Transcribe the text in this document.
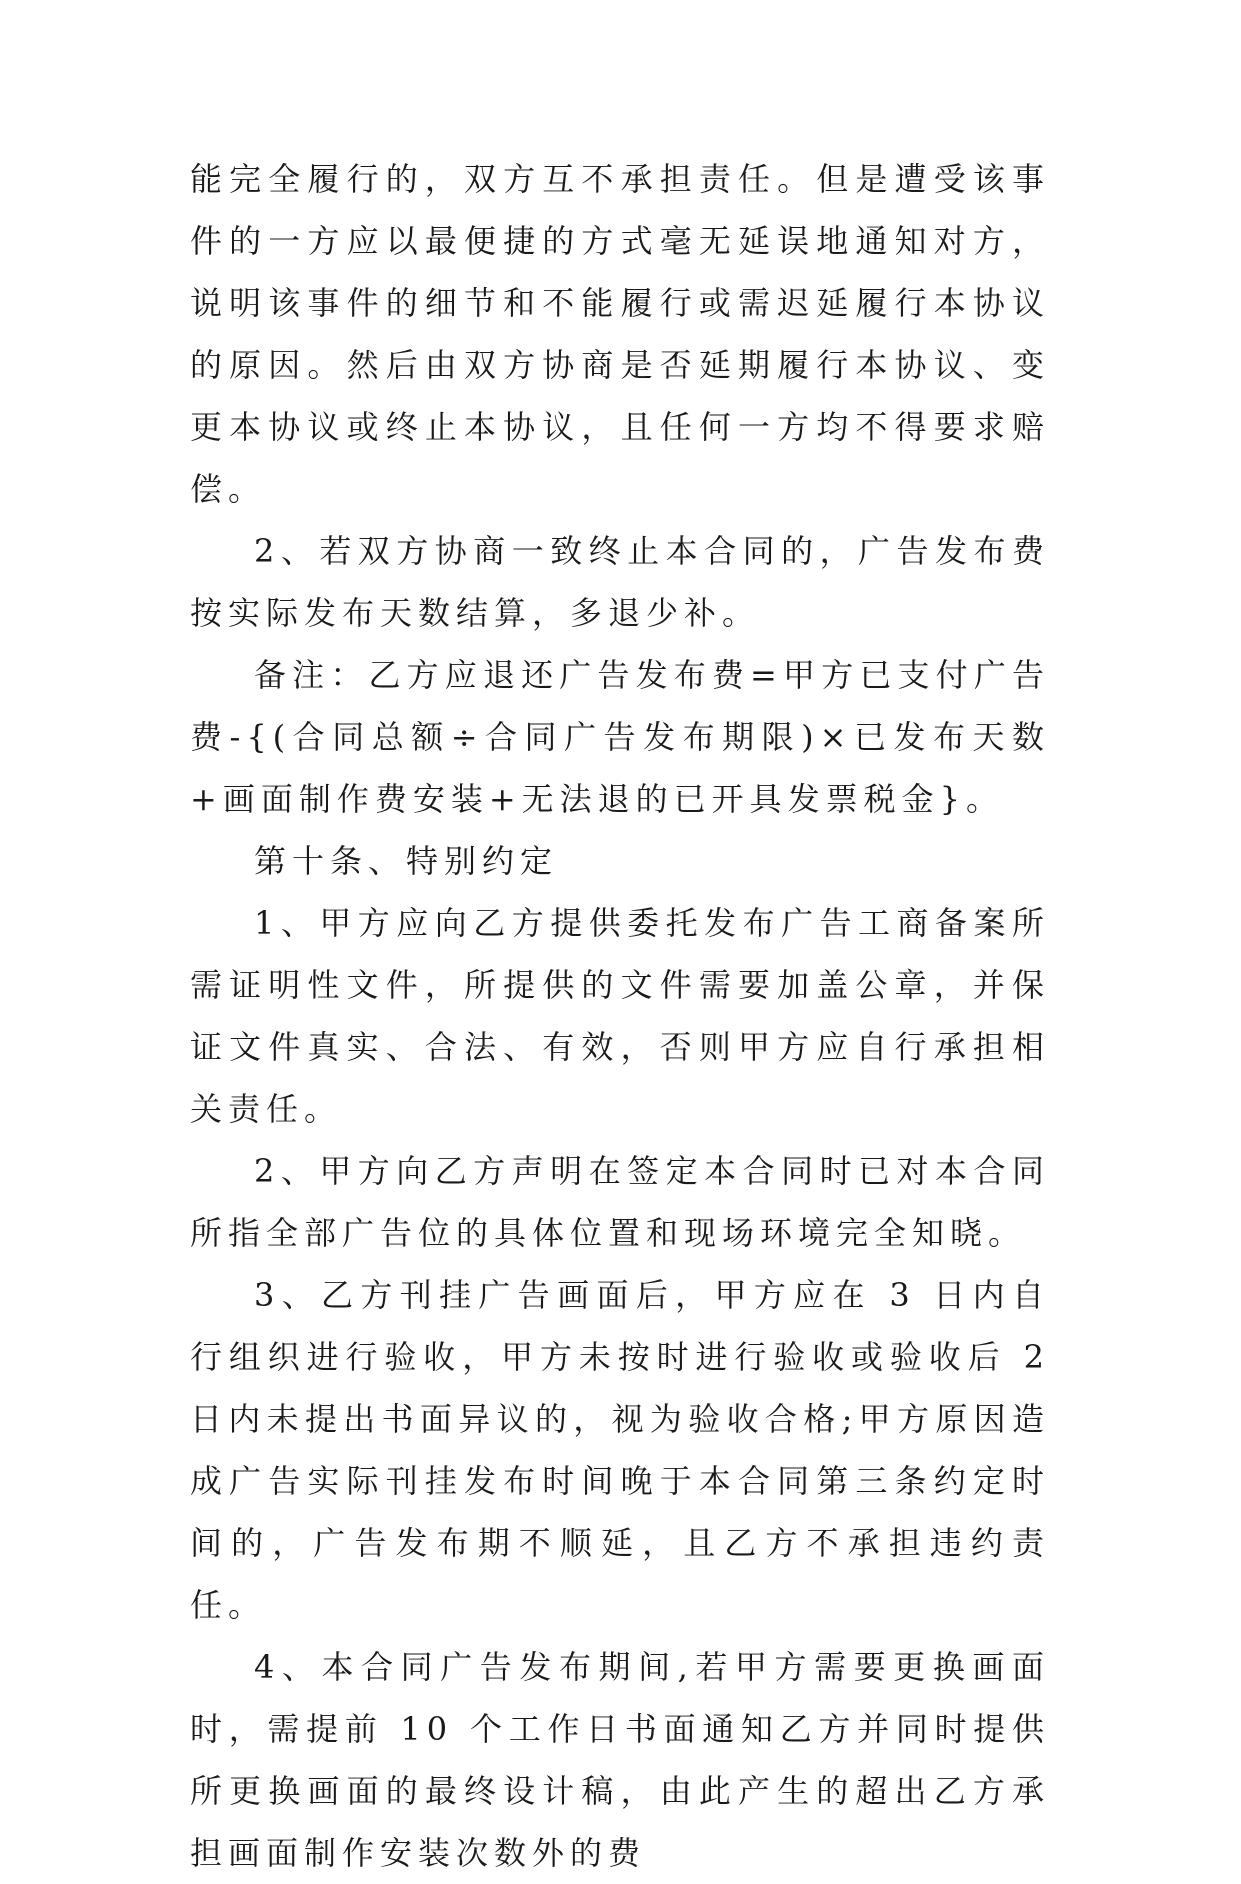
能完全履行的，双方互不承担责任。但是遭受该事件的一方应以最便捷的方式毫无延误地通知对方，说明该事件的细节和不能履行或需迟延履行本协议的原因。然后由双方协商是否延期履行本协议、变更本协议或终止本协议，且任何一方均不得要求赔偿。

2、若双方协商一致终止本合同的，广告发布费按实际发布天数结算，多退少补。

备注：乙方应退还广告发布费=甲方已支付广告费-{(合同总额÷合同广告发布期限)×已发布天数+画面制作费安装+无法退的已开具发票税金}。

第十条、特别约定

1、甲方应向乙方提供委托发布广告工商备案所需证明性文件，所提供的文件需要加盖公章，并保证文件真实、合法、有效，否则甲方应自行承担相关责任。

2、甲方向乙方声明在签定本合同时已对本合同所指全部广告位的具体位置和现场环境完全知晓。

3、乙方刊挂广告画面后，甲方应在 3 日内自行组织进行验收，甲方未按时进行验收或验收后 2 日内未提出书面异议的，视为验收合格;甲方原因造成广告实际刊挂发布时间晚于本合同第三条约定时间的，广告发布期不顺延，且乙方不承担违约责任。

4、本合同广告发布期间,若甲方需要更换画面时，需提前 10 个工作日书面通知乙方并同时提供所更换画面的最终设计稿，由此产生的超出乙方承担画面制作安装次数外的费
